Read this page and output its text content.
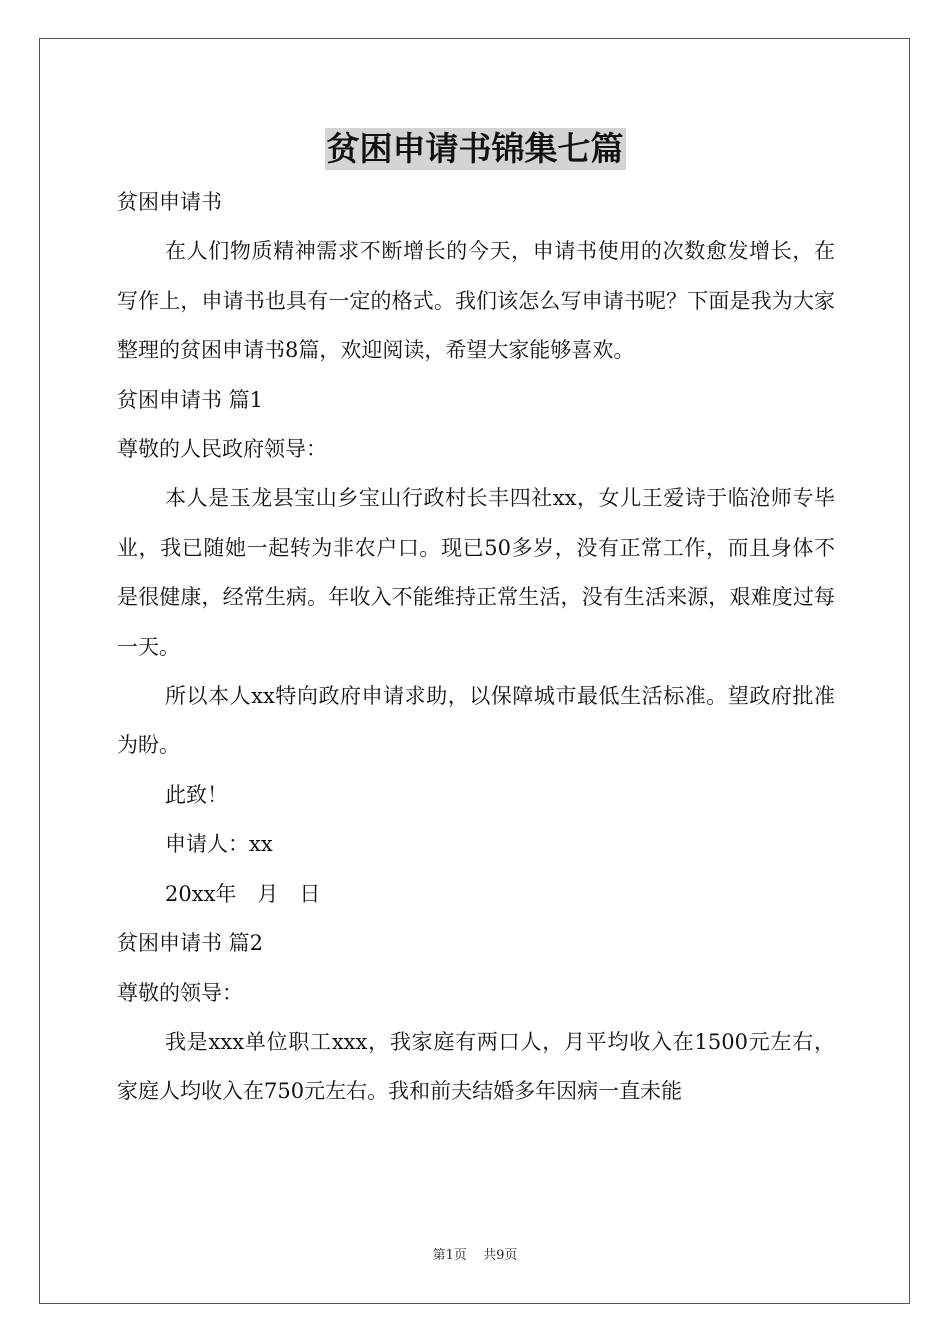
贫困申请书锦集七篇

贫困申请书

在人们物质精神需求不断增长的今天，申请书使用的次数愈发增长，在写作上，申请书也具有一定的格式。我们该怎么写申请书呢？下面是我为大家整理的贫困申请书8篇，欢迎阅读，希望大家能够喜欢。

贫困申请书 篇1

尊敬的人民政府领导：

本人是玉龙县宝山乡宝山行政村长丰四社xx，女儿王爱诗于临沧师专毕业，我已随她一起转为非农户口。现已50多岁，没有正常工作，而且身体不是很健康，经常生病。年收入不能维持正常生活，没有生活来源，艰难度过每一天。

所以本人xx特向政府申请求助，以保障城市最低生活标准。望政府批准为盼。

此致！

申请人：xx

20xx年　月　日

贫困申请书 篇2

尊敬的领导：

我是xxx单位职工xxx，我家庭有两口人，月平均收入在1500元左右，家庭人均收入在750元左右。我和前夫结婚多年因病一直未能

第1页 共9页
